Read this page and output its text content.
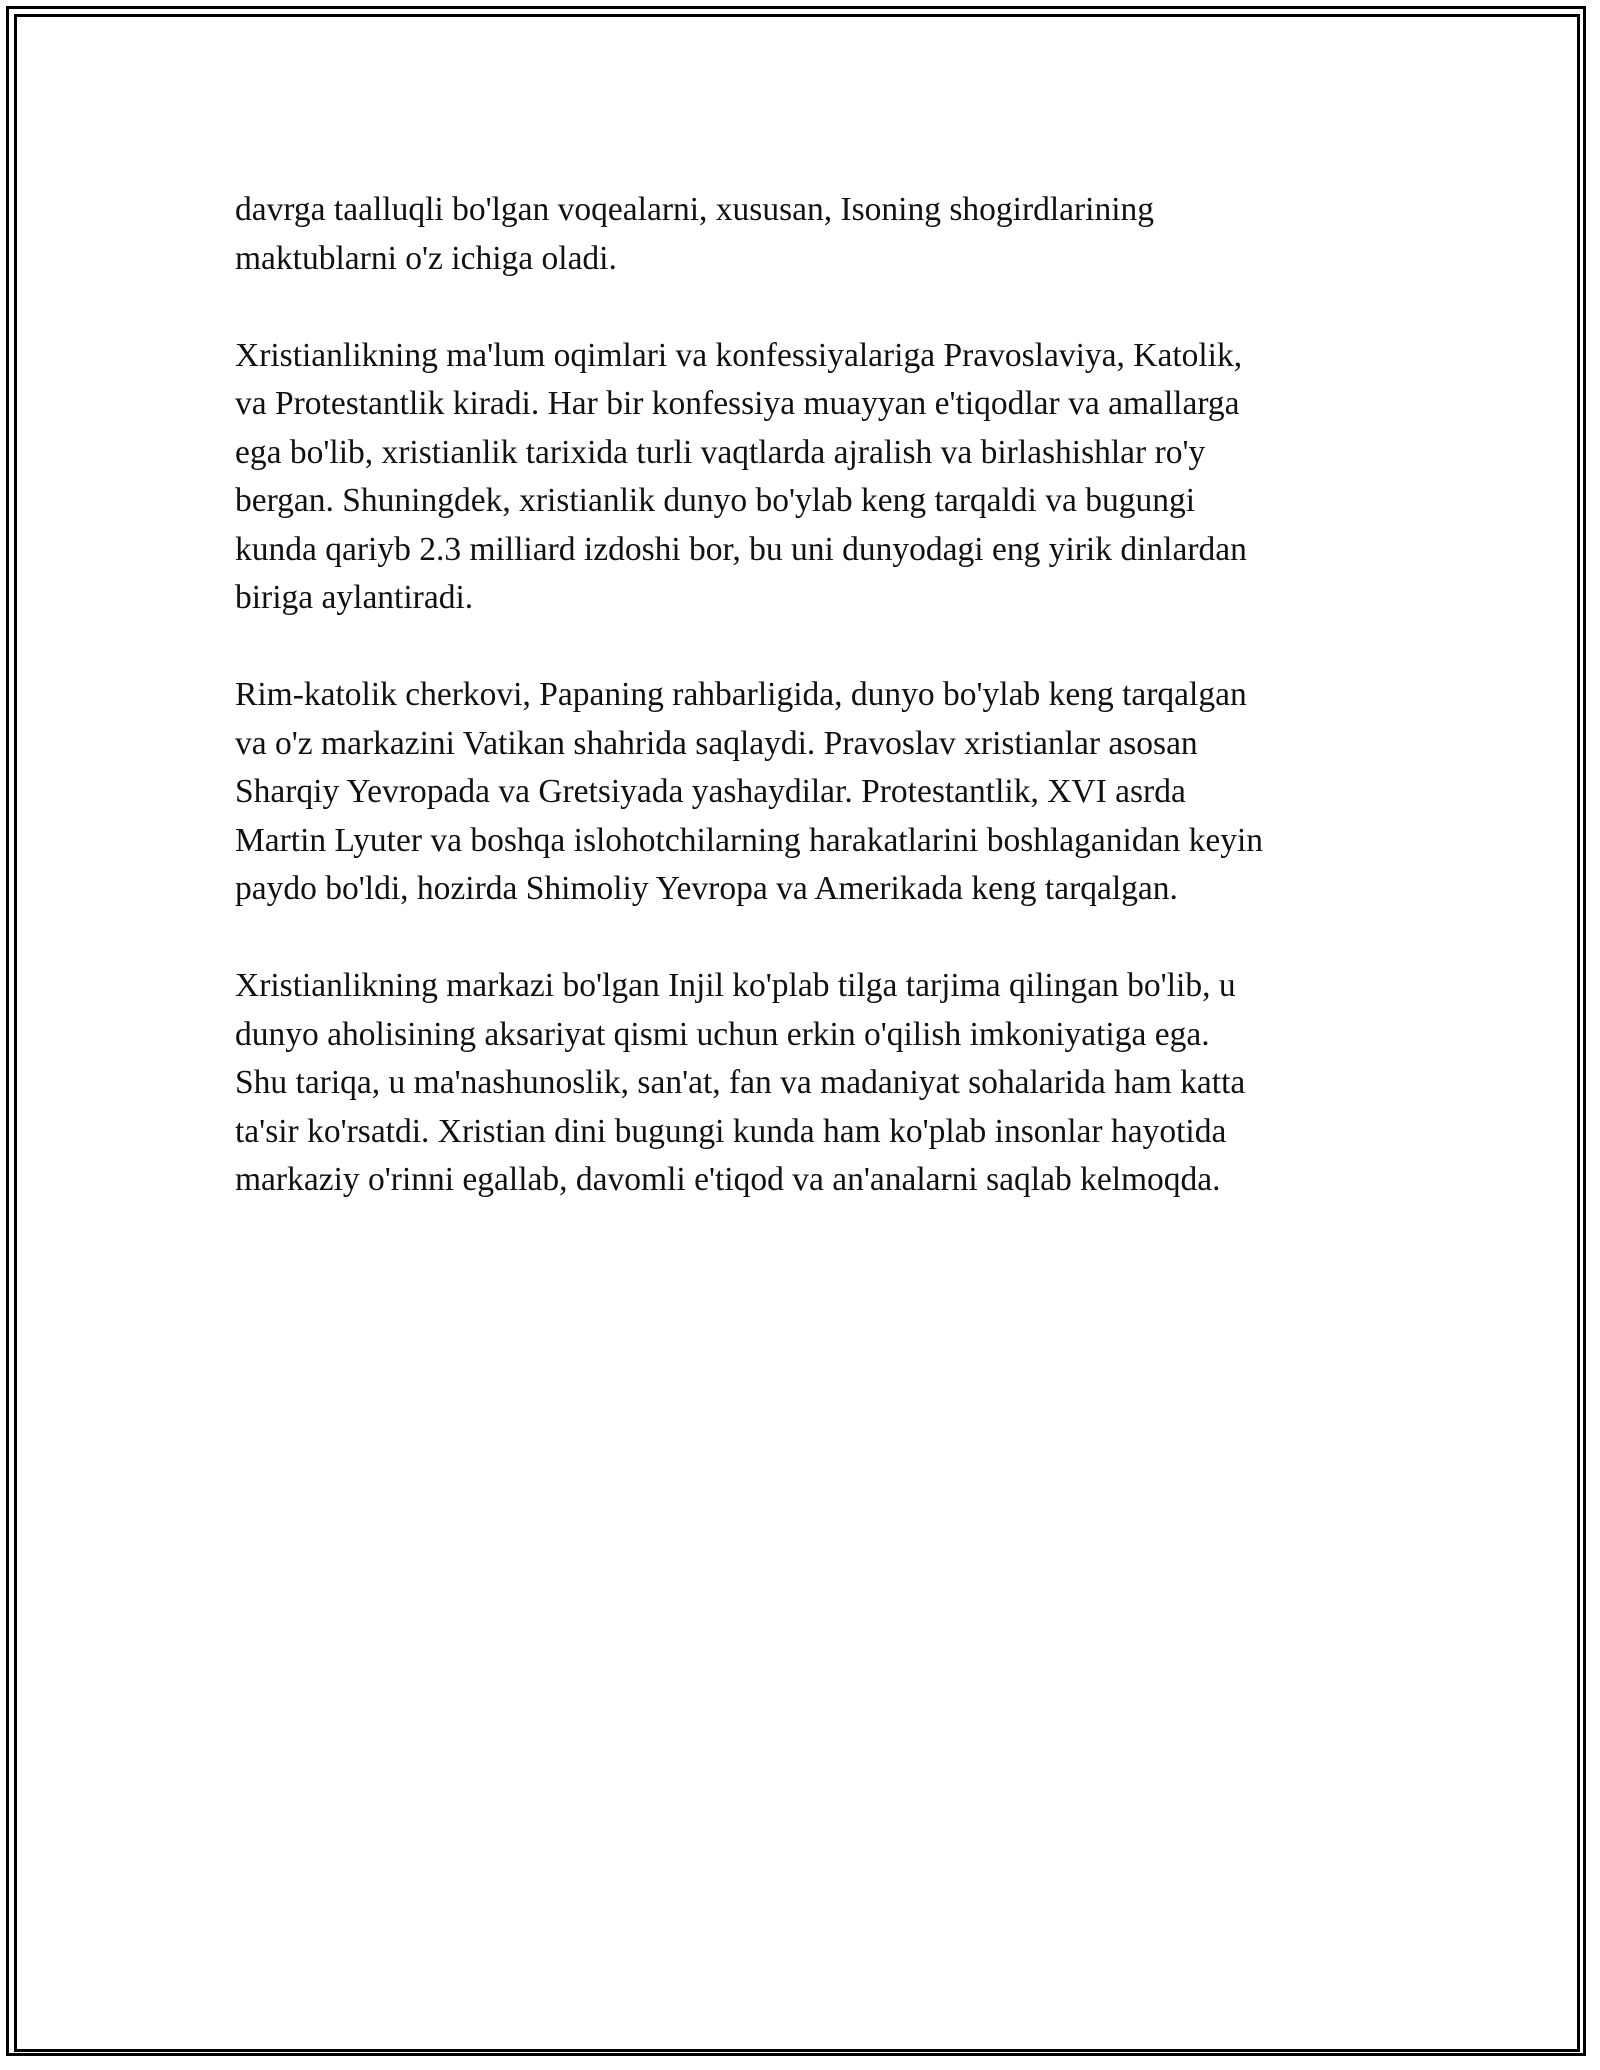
davrga taalluqli bo'lgan voqealarni, xususan, Isoning shogirdlarining
maktublarni o'z ichiga oladi.

Xristianlikning ma'lum oqimlari va konfessiyalariga Pravoslaviya, Katolik,
va Protestantlik kiradi. Har bir konfessiya muayyan e'tiqodlar va amallarga
ega bo'lib, xristianlik tarixida turli vaqtlarda ajralish va birlashishlar ro'y
bergan. Shuningdek, xristianlik dunyo bo'ylab keng tarqaldi va bugungi
kunda qariyb 2.3 milliard izdoshi bor, bu uni dunyodagi eng yirik dinlardan
biriga aylantiradi.

Rim-katolik cherkovi, Papaning rahbarligida, dunyo bo'ylab keng tarqalgan
va o'z markazini Vatikan shahrida saqlaydi. Pravoslav xristianlar asosan
Sharqiy Yevropada va Gretsiyada yashaydilar. Protestantlik, XVI asrda
Martin Lyuter va boshqa islohotchilarning harakatlarini boshlaganidan keyin
paydo bo'ldi, hozirda Shimoliy Yevropa va Amerikada keng tarqalgan.

Xristianlikning markazi bo'lgan Injil ko'plab tilga tarjima qilingan bo'lib, u
dunyo aholisining aksariyat qismi uchun erkin o'qilish imkoniyatiga ega.
Shu tariqa, u ma'nashunoslik, san'at, fan va madaniyat sohalarida ham katta
ta'sir ko'rsatdi. Xristian dini bugungi kunda ham ko'plab insonlar hayotida
markaziy o'rinni egallab, davomli e'tiqod va an'analarni saqlab kelmoqda.
